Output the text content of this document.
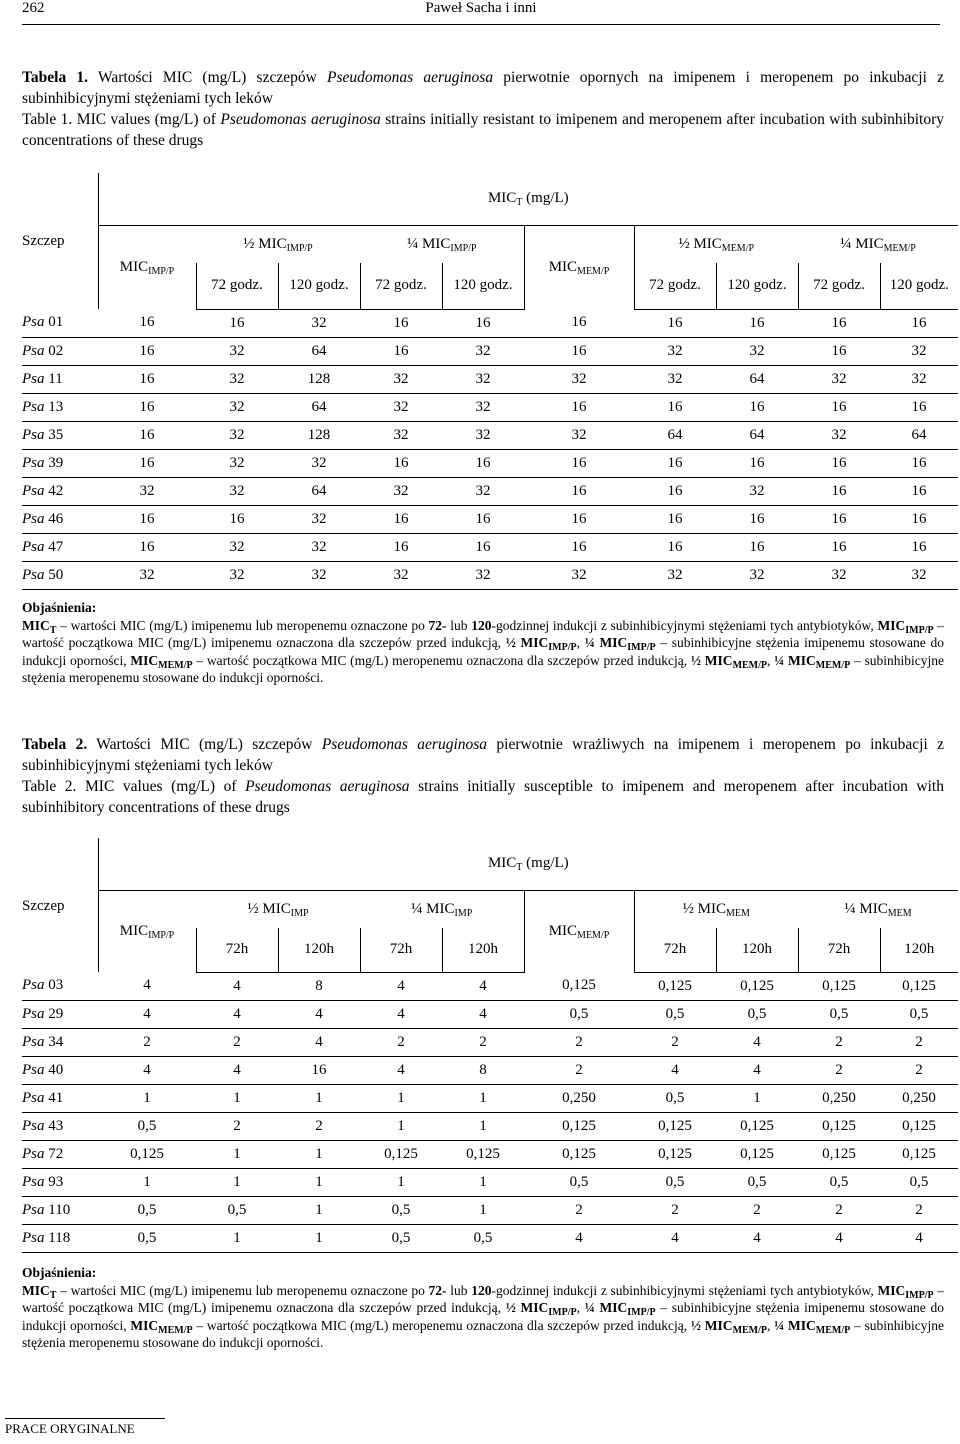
262	Paweł Sacha i inni

Tabela 1. Wartości MIC (mg/L) szczepów Pseudomonas aeruginosa pierwotnie opornych na imipenem i meropenem po inkubacji z subinhibicyjnymi stężeniami tych leków

Table 1. MIC values (mg/L) of Pseudomonas aeruginosa strains initially resistant to imipenem and meropenem after incubation with subinhibitory concentrations of these drugs

	$MIC_T$ (mg/L)									
Szczep	$MIC_{IMP/P}$	½ $MIC_{IMP/P}$		¼ $MIC_{IMP/P}$		$MIC_{MEM/P}$	½ $MIC_{MEM/P}$		¼ $MIC_{MEM/P}$
		72 godz.	120 godz.	72 godz.	120 godz.		72 godz.	120 godz.	72 godz.	120 godz.
Psa 01	16	16	32	16	16	16	16	16	16	16
Psa 02	16	32	64	16	32	16	32	32	16	32
Psa 11	16	32	128	32	32	32	32	64	32	32
Psa 13	16	32	64	32	32	16	16	16	16	16
Psa 35	16	32	128	32	32	32	64	64	32	64
Psa 39	16	32	32	16	16	16	16	16	16	16
Psa 42	32	32	64	32	32	16	16	32	16	16
Psa 46	16	16	32	16	16	16	16	16	16	16
Psa 47	16	32	32	16	16	16	16	16	16	16
Psa 50	32	32	32	32	32	32	32	32	32	32

Objaśnienia:

$MIC_T$ – wartości MIC (mg/L) imipenemu lub meropenemu oznaczone po 72- lub 120-godzinnej indukcji z subinhibicyjnymi stężeniami tych antybiotyków, $MIC_{IMP/P}$ – wartość początkowa MIC (mg/L) imipenemu oznaczona dla szczepów przed indukcją, ½ $MIC_{IMP/P}$, ¼ $MIC_{IMP/P}$ – subinhibicyjne stężenia imipenemu stosowane do indukcji oporności, $MIC_{MEM/P}$ – wartość początkowa MIC (mg/L) meropenemu oznaczona dla szczepów przed indukcją, ½ $MIC_{MEM/P}$, ¼ $MIC_{MEM/P}$ – subinhibicyjne stężenia meropenemu stosowane do indukcji oporności.

Tabela 2. Wartości MIC (mg/L) szczepów Pseudomonas aeruginosa pierwotnie wrażliwych na imipenem i meropenem po inkubacji z subinhibicyjnymi stężeniami tych leków

Table 2. MIC values (mg/L) of Pseudomonas aeruginosa strains initially susceptible to imipenem and meropenem after incubation with subinhibitory concentrations of these drugs

	$MIC_T$ (mg/L)									
Szczep	$MIC_{IMP/P}$	½ $MIC_{IMP}$		¼ $MIC_{IMP}$		$MIC_{MEM/P}$	½ $MIC_{MEM}$		¼ $MIC_{MEM}$
		72h	120h	72h	120h		72h	120h	72h	120h
Psa 03	4	4	8	4	4	0,125	0,125	0,125	0,125	0,125
Psa 29	4	4	4	4	4	0,5	0,5	0,5	0,5	0,5
Psa 34	2	2	4	2	2	2	2	4	2	2
Psa 40	4	4	16	4	8	2	4	4	2	2
Psa 41	1	1	1	1	1	0,250	0,5	1	0,250	0,250
Psa 43	0,5	2	2	1	1	0,125	0,125	0,125	0,125	0,125
Psa 72	0,125	1	1	0,125	0,125	0,125	0,125	0,125	0,125	0,125
Psa 93	1	1	1	1	1	0,5	0,5	0,5	0,5	0,5
Psa 110	0,5	0,5	1	0,5	1	2	2	2	2	2
Psa 118	0,5	1	1	0,5	0,5	4	4	4	4	4

Objaśnienia:

$MIC_T$ – wartości MIC (mg/L) imipenemu lub meropenemu oznaczone po 72- lub 120-godzinnej indukcji z subinhibicyjnymi stężeniami tych antybiotyków, $MIC_{IMP/P}$ – wartość początkowa MIC (mg/L) imipenemu oznaczona dla szczepów przed indukcją, ½ $MIC_{IMP/P}$, ¼ $MIC_{IMP/P}$ – subinhibicyjne stężenia imipenemu stosowane do indukcji oporności, $MIC_{MEM/P}$ – wartość początkowa MIC (mg/L) meropenemu oznaczona dla szczepów przed indukcją, ½ $MIC_{MEM/P}$, ¼ $MIC_{MEM/P}$ – subinhibicyjne stężenia meropenemu stosowane do indukcji oporności.

PRACE ORYGINALNE
